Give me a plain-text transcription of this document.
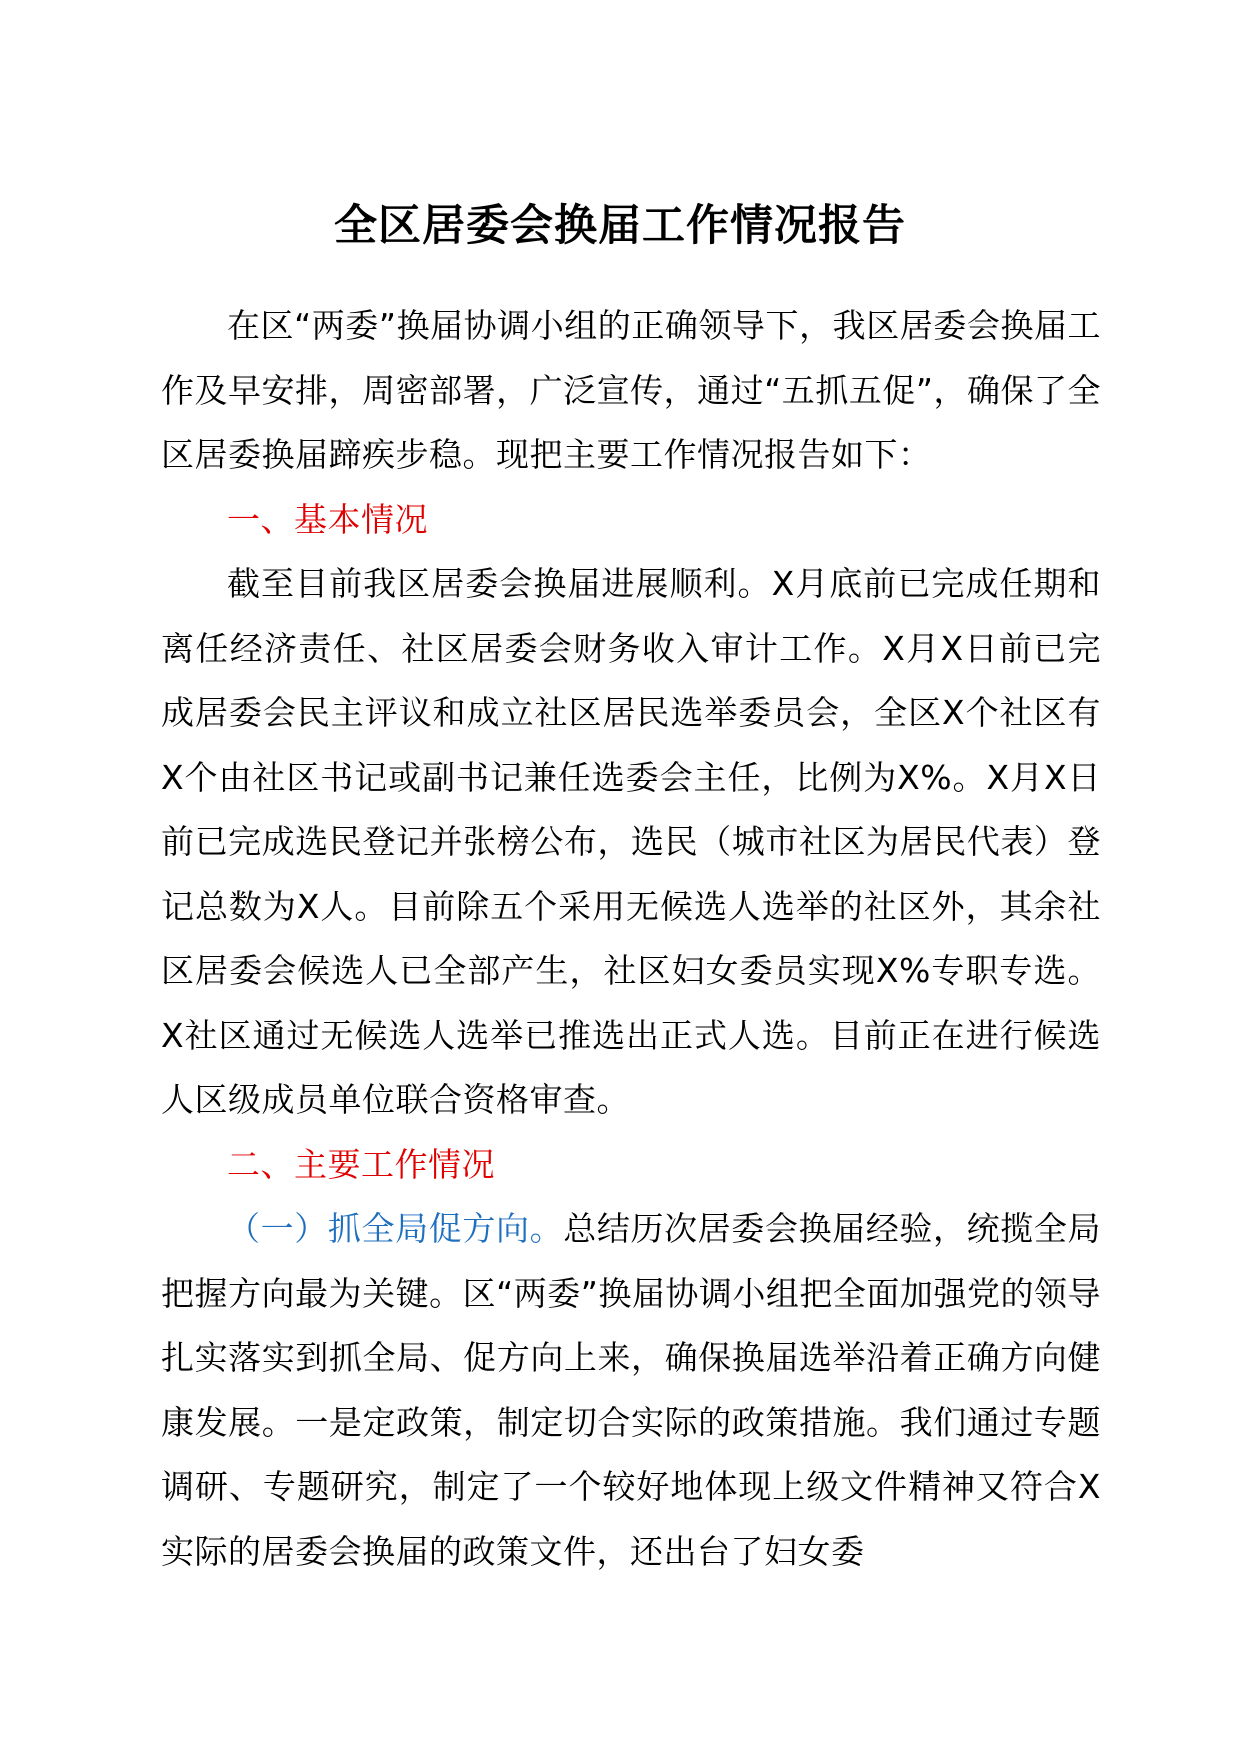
全区居委会换届工作情况报告

在区“两委”换届协调小组的正确领导下，我区居委会换届工作及早安排，周密部署，广泛宣传，通过“五抓五促”，确保了全区居委换届蹄疾步稳。现把主要工作情况报告如下：

一、基本情况

截至目前我区居委会换届进展顺利。X月底前已完成任期和离任经济责任、社区居委会财务收入审计工作。X月X日前已完成居委会民主评议和成立社区居民选举委员会，全区X个社区有X个由社区书记或副书记兼任选委会主任，比例为X%。X月X日前已完成选民登记并张榜公布，选民（城市社区为居民代表）登记总数为X人。目前除五个采用无候选人选举的社区外，其余社区居委会候选人已全部产生，社区妇女委员实现X%专职专选。X社区通过无候选人选举已推选出正式人选。目前正在进行候选人区级成员单位联合资格审查。

二、主要工作情况

（一）抓全局促方向。总结历次居委会换届经验，统揽全局把握方向最为关键。区“两委”换届协调小组把全面加强党的领导扎实落实到抓全局、促方向上来，确保换届选举沿着正确方向健康发展。一是定政策，制定切合实际的政策措施。我们通过专题调研、专题研究，制定了一个较好地体现上级文件精神又符合X实际的居委会换届的政策文件，还出台了妇女委
